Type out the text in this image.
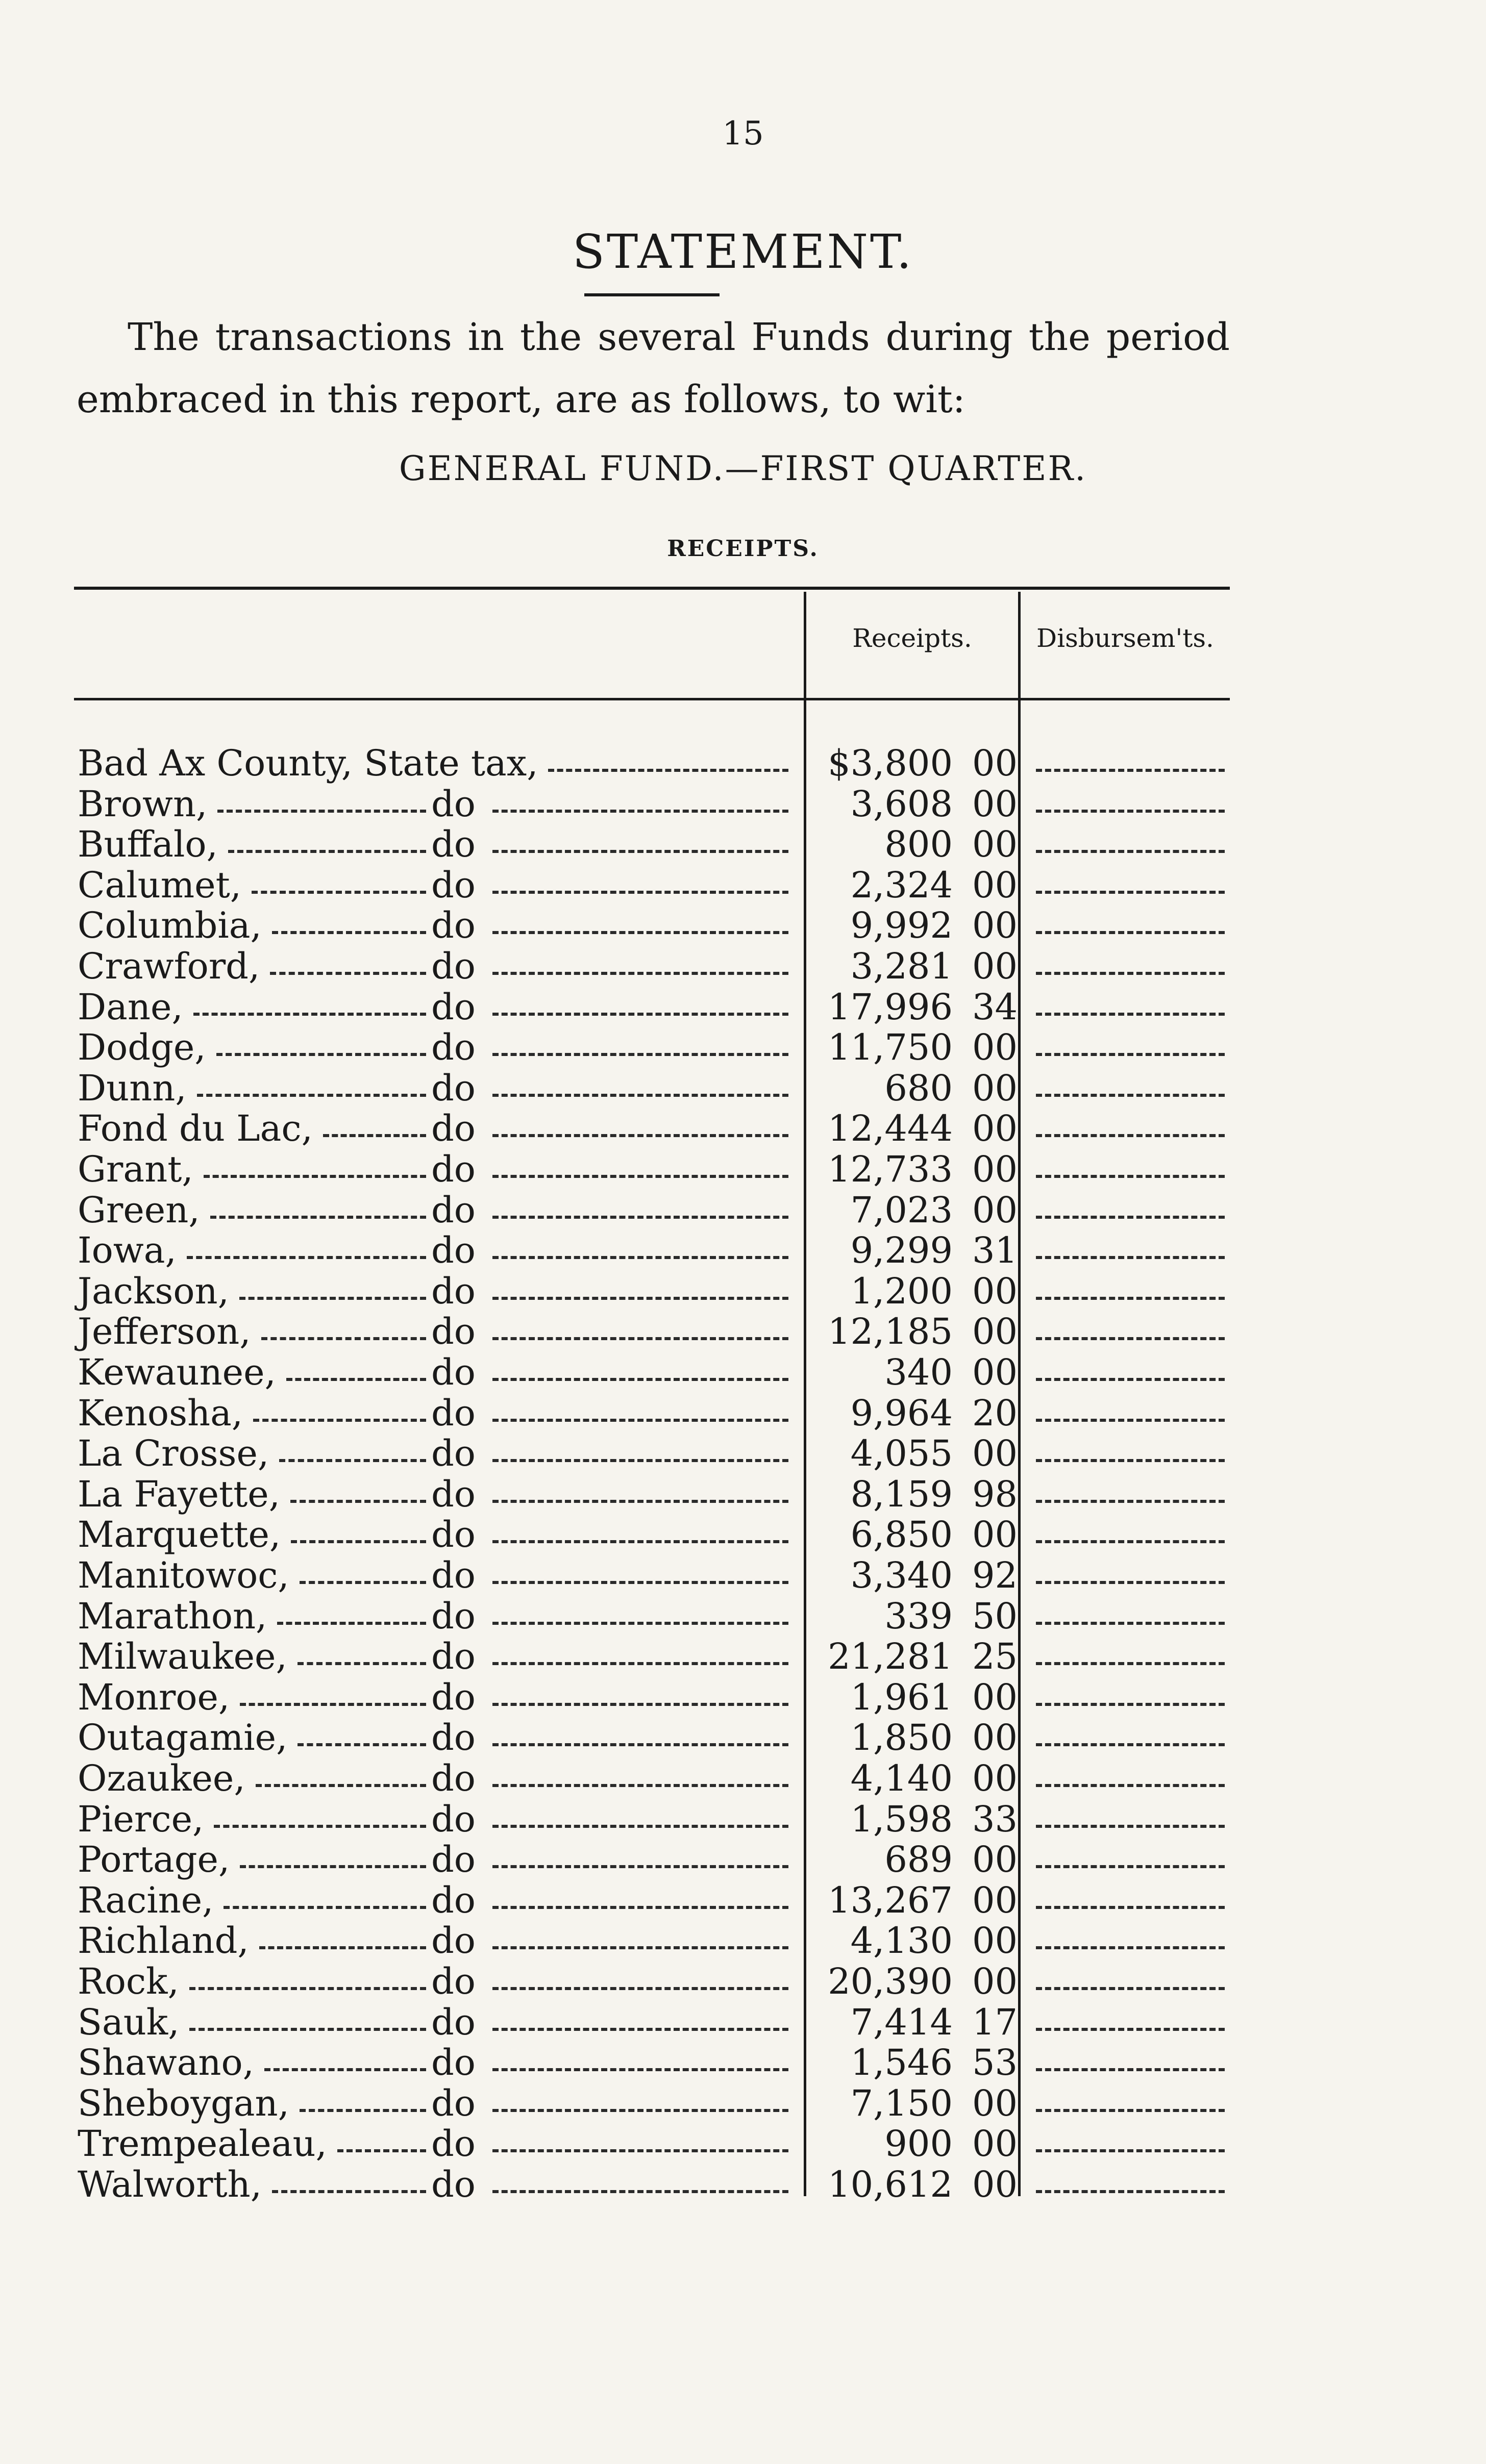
15
STATEMENT.
The transactions in the several Funds during the period embraced in this report, are as follows, to wit:
GENERAL FUND.—FIRST QUARTER.
RECEIPTS.
Receipts.	Disbursem'ts.
Bad Ax County, State tax,	$3,800 00
Brown,	do	3,608 00
Buffalo,	do	800 00
Calumet,	do	2,324 00
Columbia,	do	9,992 00
Crawford,	do	3,281 00
Dane,	do	17,996 34
Dodge,	do	11,750 00
Dunn,	do	680 00
Fond du Lac,	do	12,444 00
Grant,	do	12,733 00
Green,	do	7,023 00
Iowa,	do	9,299 31
Jackson,	do	1,200 00
Jefferson,	do	12,185 00
Kewaunee,	do	340 00
Kenosha,	do	9,964 20
La Crosse,	do	4,055 00
La Fayette,	do	8,159 98
Marquette,	do	6,850 00
Manitowoc,	do	3,340 92
Marathon,	do	339 50
Milwaukee,	do	21,281 25
Monroe,	do	1,961 00
Outagamie,	do	1,850 00
Ozaukee,	do	4,140 00
Pierce,	do	1,598 33
Portage,	do	689 00
Racine,	do	13,267 00
Richland,	do	4,130 00
Rock,	do	20,390 00
Sauk,	do	7,414 17
Shawano,	do	1,546 53
Sheboygan,	do	7,150 00
Trempealeau,	do	900 00
Walworth,	do	10,612 00
